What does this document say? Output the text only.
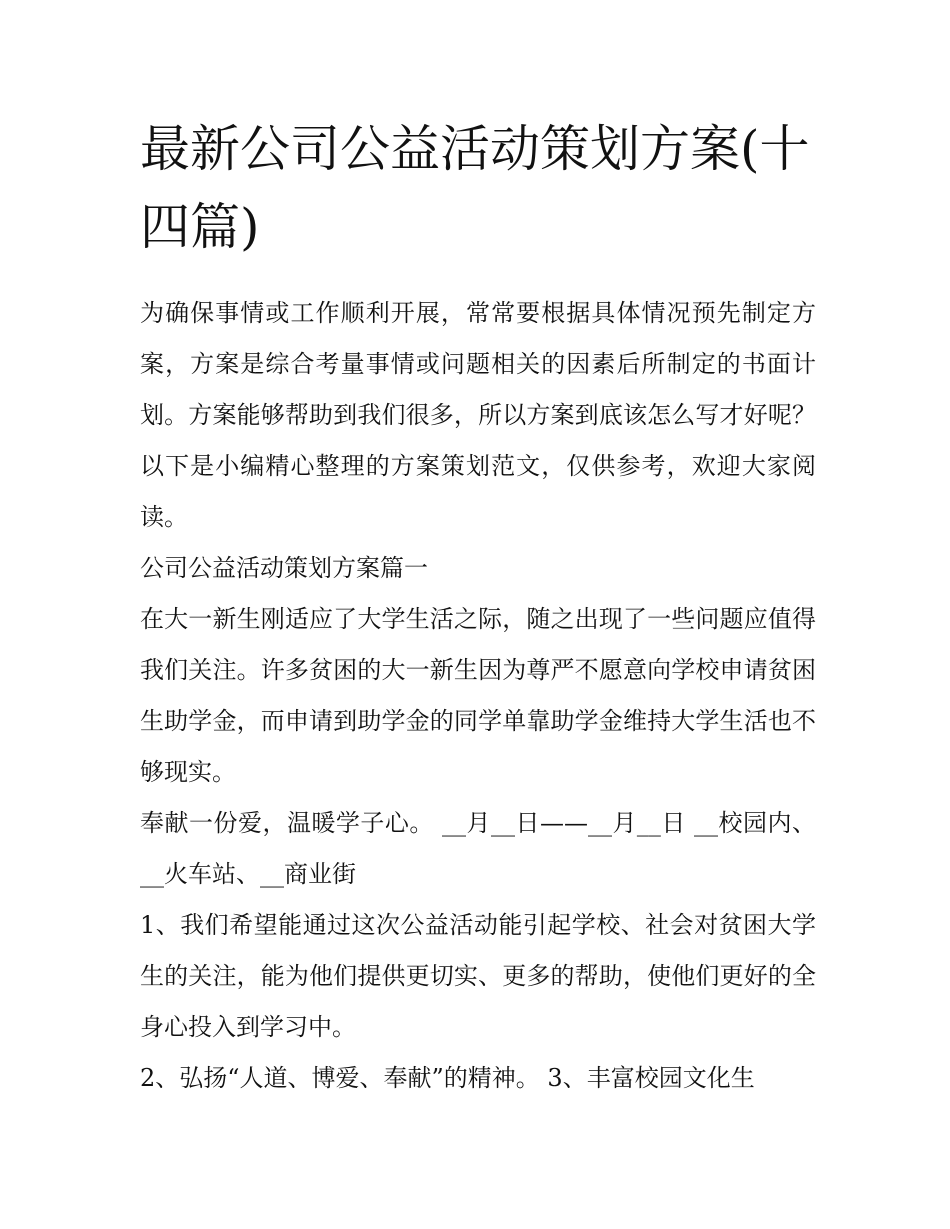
最新公司公益活动策划方案(十四篇)

为确保事情或工作顺利开展，常常要根据具体情况预先制定方案，方案是综合考量事情或问题相关的因素后所制定的书面计划。方案能够帮助到我们很多，所以方案到底该怎么写才好呢？以下是小编精心整理的方案策划范文，仅供参考，欢迎大家阅读。

公司公益活动策划方案篇一

在大一新生刚适应了大学生活之际，随之出现了一些问题应值得我们关注。许多贫困的大一新生因为尊严不愿意向学校申请贫困生助学金，而申请到助学金的同学单靠助学金维持大学生活也不够现实。

奉献一份爱，温暖学子心。 __月__日——__月__日 __校园内、__火车站、__商业街

1、我们希望能通过这次公益活动能引起学校、社会对贫困大学生的关注，能为他们提供更切实、更多的帮助，使他们更好的全身心投入到学习中。

2、弘扬“人道、博爱、奉献”的精神。 3、丰富校园文化生
